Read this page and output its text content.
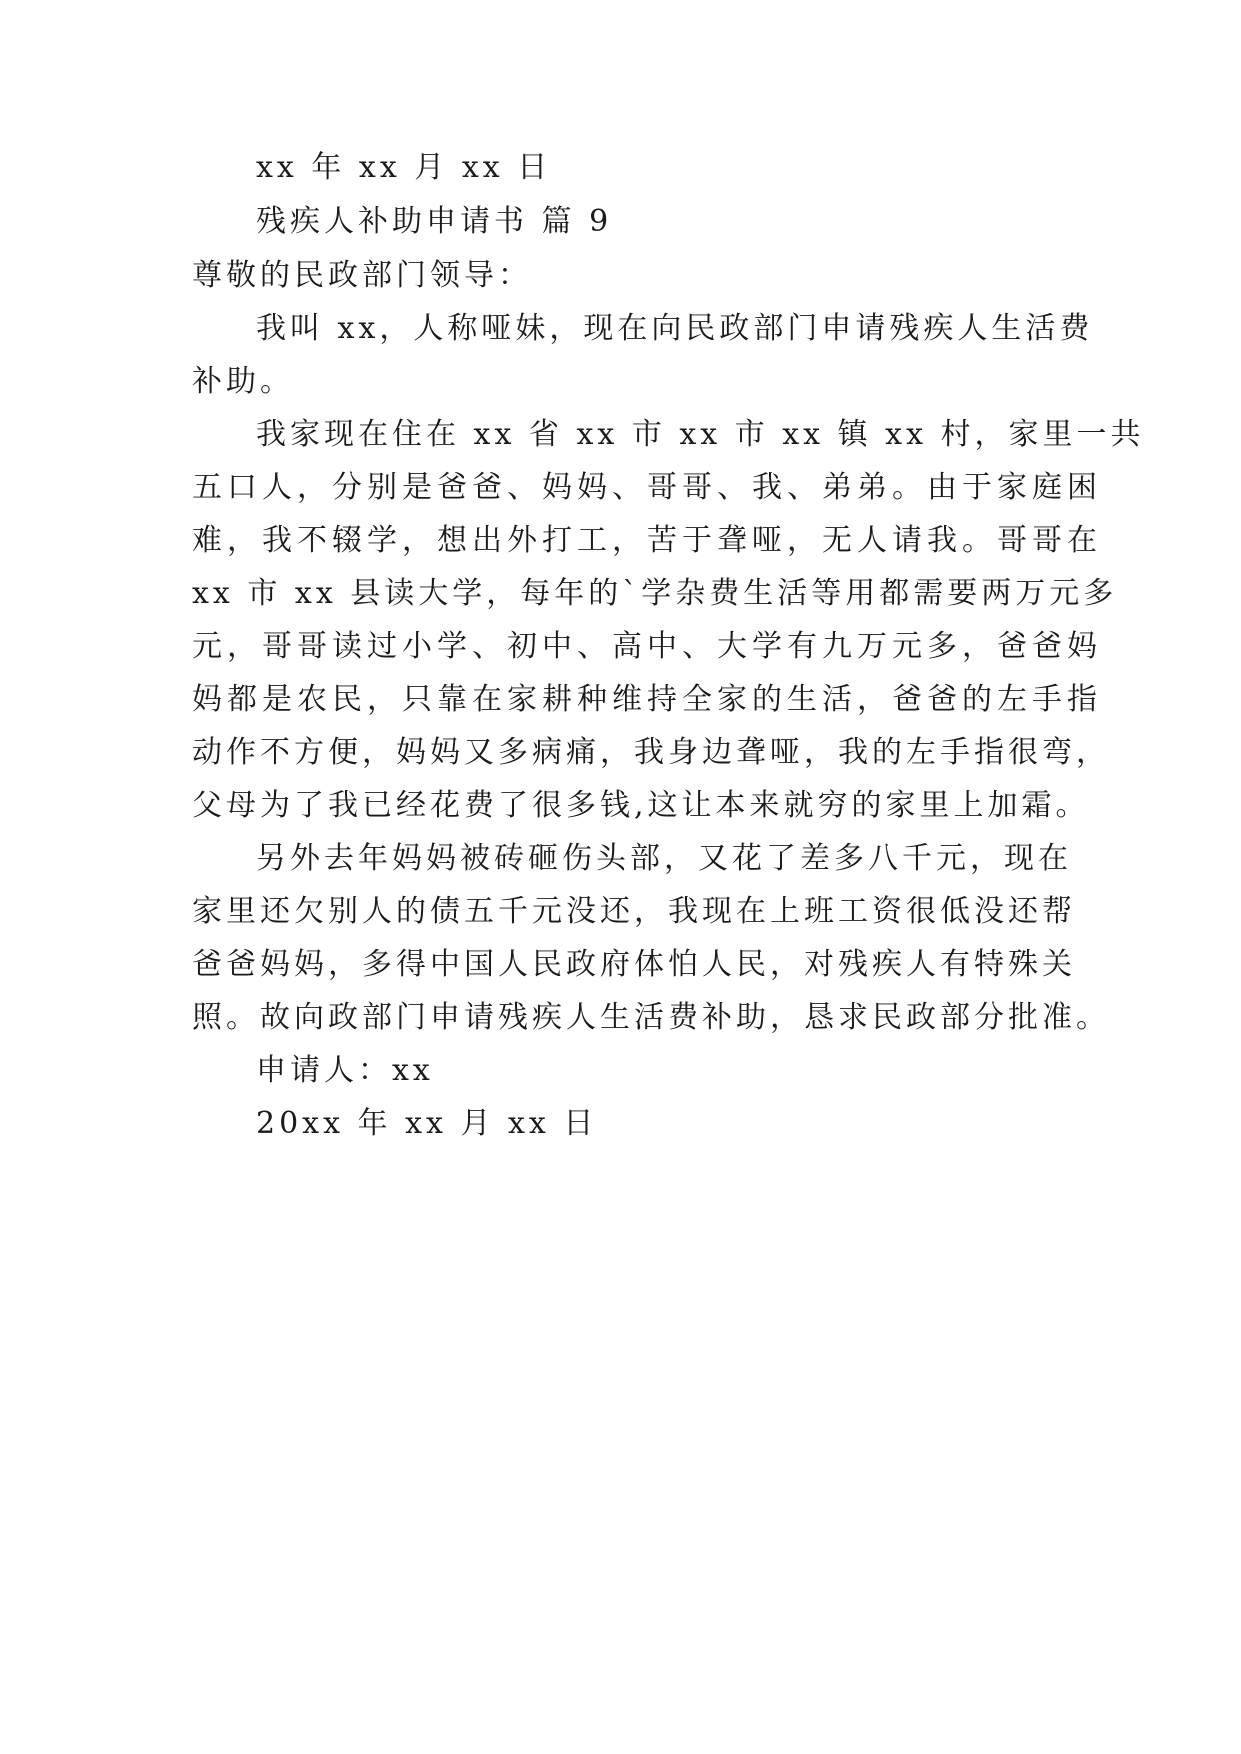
xx 年 xx 月 xx 日
残疾人补助申请书 篇 9
尊敬的民政部门领导：
我叫 xx，人称哑妹，现在向民政部门申请残疾人生活费
补助。
我家现在住在 xx 省 xx 市 xx 市 xx 镇 xx 村，家里一共
五口人，分别是爸爸、妈妈、哥哥、我、弟弟。由于家庭困
难，我不辍学，想出外打工，苦于聋哑，无人请我。哥哥在
xx 市 xx 县读大学，每年的`学杂费生活等用都需要两万元多
元，哥哥读过小学、初中、高中、大学有九万元多，爸爸妈
妈都是农民，只靠在家耕种维持全家的生活，爸爸的左手指
动作不方便，妈妈又多病痛，我身边聋哑，我的左手指很弯，
父母为了我已经花费了很多钱,这让本来就穷的家里上加霜。
另外去年妈妈被砖砸伤头部，又花了差多八千元，现在
家里还欠别人的债五千元没还，我现在上班工资很低没还帮
爸爸妈妈，多得中国人民政府体怕人民，对残疾人有特殊关
照。故向政部门申请残疾人生活费补助，恳求民政部分批准。
申请人：xx
20xx 年 xx 月 xx 日
